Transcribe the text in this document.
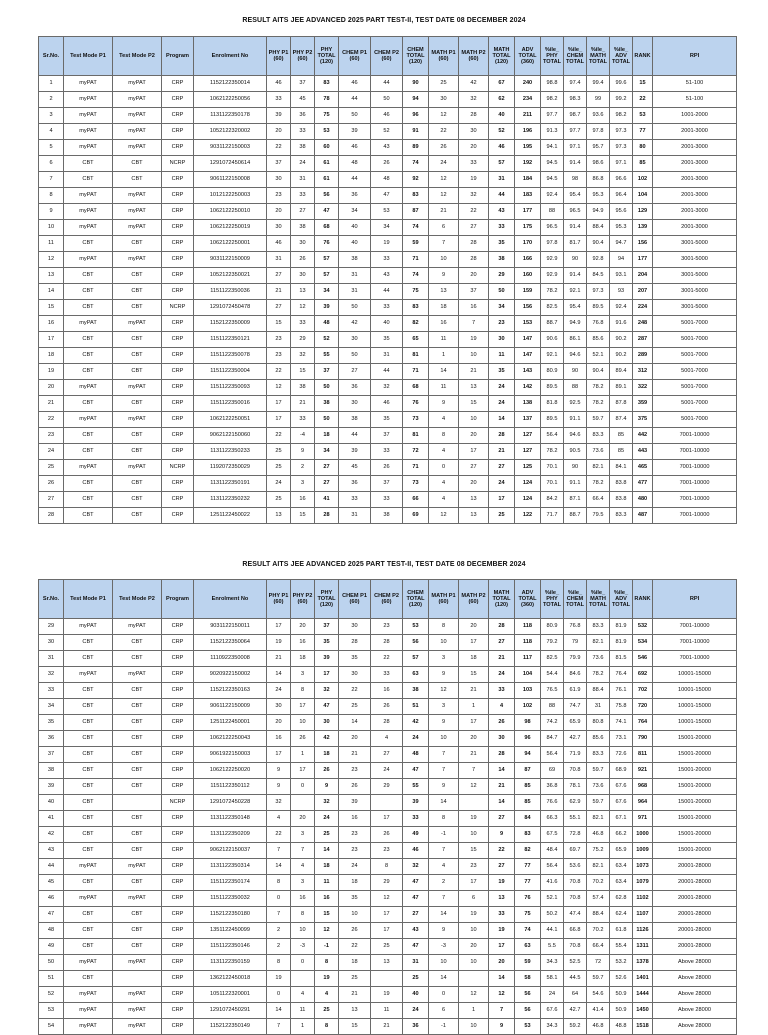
RESULT AITS JEE ADVANCED 2025 PART TEST-II, TEST DATE 08 DECEMBER 2024
Sr.No.	Test Mode P1	Test Mode P2	Program	Enrolment No	PHY P1 (60)	PHY P2 (60)	PHY TOTAL (120)	CHEM P1 (60)	CHEM P2 (60)	CHEM TOTAL (120)	MATH P1 (60)	MATH P2 (60)	MATH TOTAL (120)	ADV TOTAL (360)	%ile_ PHY TOTAL	%ile_ CHEM TOTAL	%ile_ MATH TOTAL	%ile_ ADV TOTAL	RANK	RPI
1	myPAT	myPAT	CRP	1152122350014	46	37	83	46	44	90	25	42	67	240	98.8	97.4	99.4	99.6	15	51-100
2	myPAT	myPAT	CRP	1062122250056	33	45	78	44	50	94	30	32	62	234	98.2	98.3	99	99.2	22	51-100
3	myPAT	myPAT	CRP	1131122350178	39	36	75	50	46	96	12	28	40	211	97.7	98.7	93.6	98.2	53	1001-2000
4	myPAT	myPAT	CRP	1052122320002	20	33	53	39	52	91	22	30	52	196	91.3	97.7	97.8	97.3	77	2001-3000
5	myPAT	myPAT	CRP	9031122150003	22	38	60	46	43	89	26	20	46	195	94.1	97.1	95.7	97.3	80	2001-3000
6	CBT	CBT	NCRP	1291072450614	37	24	61	48	26	74	24	33	57	192	94.5	91.4	98.6	97.1	85	2001-3000
7	CBT	CBT	CRP	9061122150008	30	31	61	44	48	92	12	19	31	184	94.5	98	86.8	96.6	102	2001-3000
8	myPAT	myPAT	CRP	1012122250003	23	33	56	36	47	83	12	32	44	183	92.4	95.4	95.3	96.4	104	2001-3000
9	myPAT	myPAT	CRP	1062122250010	20	27	47	34	53	87	21	22	43	177	88	96.5	94.9	95.6	129	2001-3000
10	myPAT	myPAT	CRP	1062122250019	30	38	68	40	34	74	6	27	33	175	96.5	91.4	88.4	95.3	139	2001-3000
11	CBT	CBT	CRP	1062122250001	46	30	76	40	19	59	7	28	35	170	97.8	81.7	90.4	94.7	156	3001-5000
12	myPAT	myPAT	CRP	9031122150009	31	26	57	38	33	71	10	28	38	166	92.9	90	92.8	94	177	3001-5000
13	CBT	CBT	CRP	1052122350021	27	30	57	31	43	74	9	20	29	160	92.9	91.4	84.5	93.1	204	3001-5000
14	CBT	CBT	CRP	1151122350036	21	13	34	31	44	75	13	37	50	159	78.2	92.1	97.3	93	207	3001-5000
15	CBT	CBT	NCRP	1291072450478	27	12	39	50	33	83	18	16	34	156	82.5	95.4	89.5	92.4	224	3001-5000
16	myPAT	myPAT	CRP	1152122350009	15	33	48	42	40	82	16	7	23	153	88.7	94.9	76.8	91.6	248	5001-7000
17	CBT	CBT	CRP	1151122350121	23	29	52	30	35	65	11	19	30	147	90.6	86.1	85.6	90.2	287	5001-7000
18	CBT	CBT	CRP	1151122350078	23	32	55	50	31	81	1	10	11	147	92.1	94.6	52.1	90.2	289	5001-7000
19	CBT	CBT	CRP	1151122350004	22	15	37	27	44	71	14	21	35	143	80.9	90	90.4	89.4	312	5001-7000
20	myPAT	myPAT	CRP	1151122350093	12	38	50	36	32	68	11	13	24	142	89.5	88	78.2	89.1	322	5001-7000
21	CBT	CBT	CRP	1151122350016	17	21	38	30	46	76	9	15	24	138	81.8	92.5	78.2	87.8	359	5001-7000
22	myPAT	myPAT	CRP	1062122250051	17	33	50	38	35	73	4	10	14	137	89.5	91.1	59.7	87.4	375	5001-7000
23	CBT	CBT	CRP	9062122150060	22	-4	18	44	37	81	8	20	28	127	56.4	94.6	83.3	85	442	7001-10000
24	CBT	CBT	CRP	1131122350233	25	9	34	39	33	72	4	17	21	127	78.2	90.5	73.6	85	443	7001-10000
25	myPAT	myPAT	NCRP	1192072350029	25	2	27	45	26	71	0	27	27	125	70.1	90	82.1	84.1	465	7001-10000
26	CBT	CBT	CRP	1131122350191	24	3	27	36	37	73	4	20	24	124	70.1	91.1	78.2	83.8	477	7001-10000
27	CBT	CBT	CRP	1131122350232	25	16	41	33	33	66	4	13	17	124	84.2	87.1	66.4	83.8	480	7001-10000
28	CBT	CBT	CRP	1251122450022	13	15	28	31	38	69	12	13	25	122	71.7	88.7	79.5	83.3	487	7001-10000
RESULT AITS JEE ADVANCED 2025 PART TEST-II, TEST DATE 08 DECEMBER 2024
Sr.No.	Test Mode P1	Test Mode P2	Program	Enrolment No	PHY P1 (60)	PHY P2 (60)	PHY TOTAL (120)	CHEM P1 (60)	CHEM P2 (60)	CHEM TOTAL (120)	MATH P1 (60)	MATH P2 (60)	MATH TOTAL (120)	ADV TOTAL (360)	%ile_ PHY TOTAL	%ile_ CHEM TOTAL	%ile_ MATH TOTAL	%ile_ ADV TOTAL	RANK	RPI
29	myPAT	myPAT	CRP	9031122150011	17	20	37	30	23	53	8	20	28	118	80.9	76.8	83.3	81.9	532	7001-10000
30	CBT	CBT	CRP	1152122350064	19	16	35	28	28	56	10	17	27	118	79.2	79	82.1	81.9	534	7001-10000
31	CBT	CBT	CRP	1110922350008	21	18	39	35	22	57	3	18	21	117	82.5	79.9	73.6	81.5	546	7001-10000
32	myPAT	myPAT	CRP	9020922150002	14	3	17	30	33	63	9	15	24	104	54.4	84.6	78.2	76.4	692	10001-15000
33	CBT	CBT	CRP	1152122350163	24	8	32	22	16	38	12	21	33	103	76.5	61.9	88.4	76.1	702	10001-15000
34	CBT	CBT	CRP	9061122150009	30	17	47	25	26	51	3	1	4	102	88	74.7	31	75.8	720	10001-15000
35	CBT	CBT	CRP	1251122450001	20	10	30	14	28	42	9	17	26	98	74.2	65.9	80.8	74.1	764	10001-15000
36	CBT	CBT	CRP	1062122250043	16	26	42	20	4	24	10	20	30	96	84.7	42.7	85.6	73.1	790	15001-20000
37	CBT	CBT	CRP	9061922150003	17	1	18	21	27	48	7	21	28	94	56.4	71.9	83.3	72.6	811	15001-20000
38	CBT	CBT	CRP	1062122250020	9	17	26	23	24	47	7	7	14	87	69	70.8	59.7	68.9	921	15001-20000
39	CBT	CBT	CRP	1151122350112	9	0	9	26	29	55	9	12	21	85	36.8	78.1	73.6	67.6	968	15001-20000
40	CBT		NCRP	1291072450228	32		32	39		39	14		14	85	76.6	62.9	59.7	67.6	964	15001-20000
41	CBT	CBT	CRP	1131122350148	4	20	24	16	17	33	8	19	27	84	66.3	55.1	82.1	67.1	971	15001-20000
42	CBT	CBT	CRP	1131122350209	22	3	25	23	26	49	-1	10	9	83	67.5	72.8	46.8	66.2	1000	15001-20000
43	CBT	CBT	CRP	9062122150037	7	7	14	23	23	46	7	15	22	82	48.4	69.7	75.2	65.9	1009	15001-20000
44	myPAT	myPAT	CRP	1131122350314	14	4	18	24	8	32	4	23	27	77	56.4	53.6	82.1	63.4	1073	20001-28000
45	CBT	CBT	CRP	1151122350174	8	3	11	18	29	47	2	17	19	77	41.6	70.8	70.2	63.4	1079	20001-28000
46	myPAT	myPAT	CRP	1151122350032	0	16	16	35	12	47	7	6	13	76	52.1	70.8	57.4	62.8	1102	20001-28000
47	CBT	CBT	CRP	1152122350180	7	8	15	10	17	27	14	19	33	75	50.2	47.4	88.4	62.4	1107	20001-28000
48	CBT	CBT	CRP	1351122450099	2	10	12	26	17	43	9	10	19	74	44.1	66.8	70.2	61.8	1126	20001-28000
49	CBT	CBT	CRP	1151122350146	2	-3	-1	22	25	47	-3	20	17	63	5.5	70.8	66.4	55.4	1311	20001-28000
50	myPAT	myPAT	CRP	1131122350159	8	0	8	18	13	31	10	10	20	59	34.3	52.5	72	53.2	1378	Above 28000
51	CBT		CRP	1362122450018	19		19	25		25	14		14	58	58.1	44.5	59.7	52.6	1401	Above 28000
52	myPAT	myPAT	CRP	1051122320001	0	4	4	21	19	40	0	12	12	56	24	64	54.6	50.9	1444	Above 28000
53	myPAT	myPAT	CRP	1291072450291	14	11	25	13	11	24	6	1	7	56	67.6	42.7	41.4	50.9	1450	Above 28000
54	myPAT	myPAT	CRP	1152122350149	7	1	8	15	21	36	-1	10	9	53	34.3	59.2	46.8	48.8	1518	Above 28000
